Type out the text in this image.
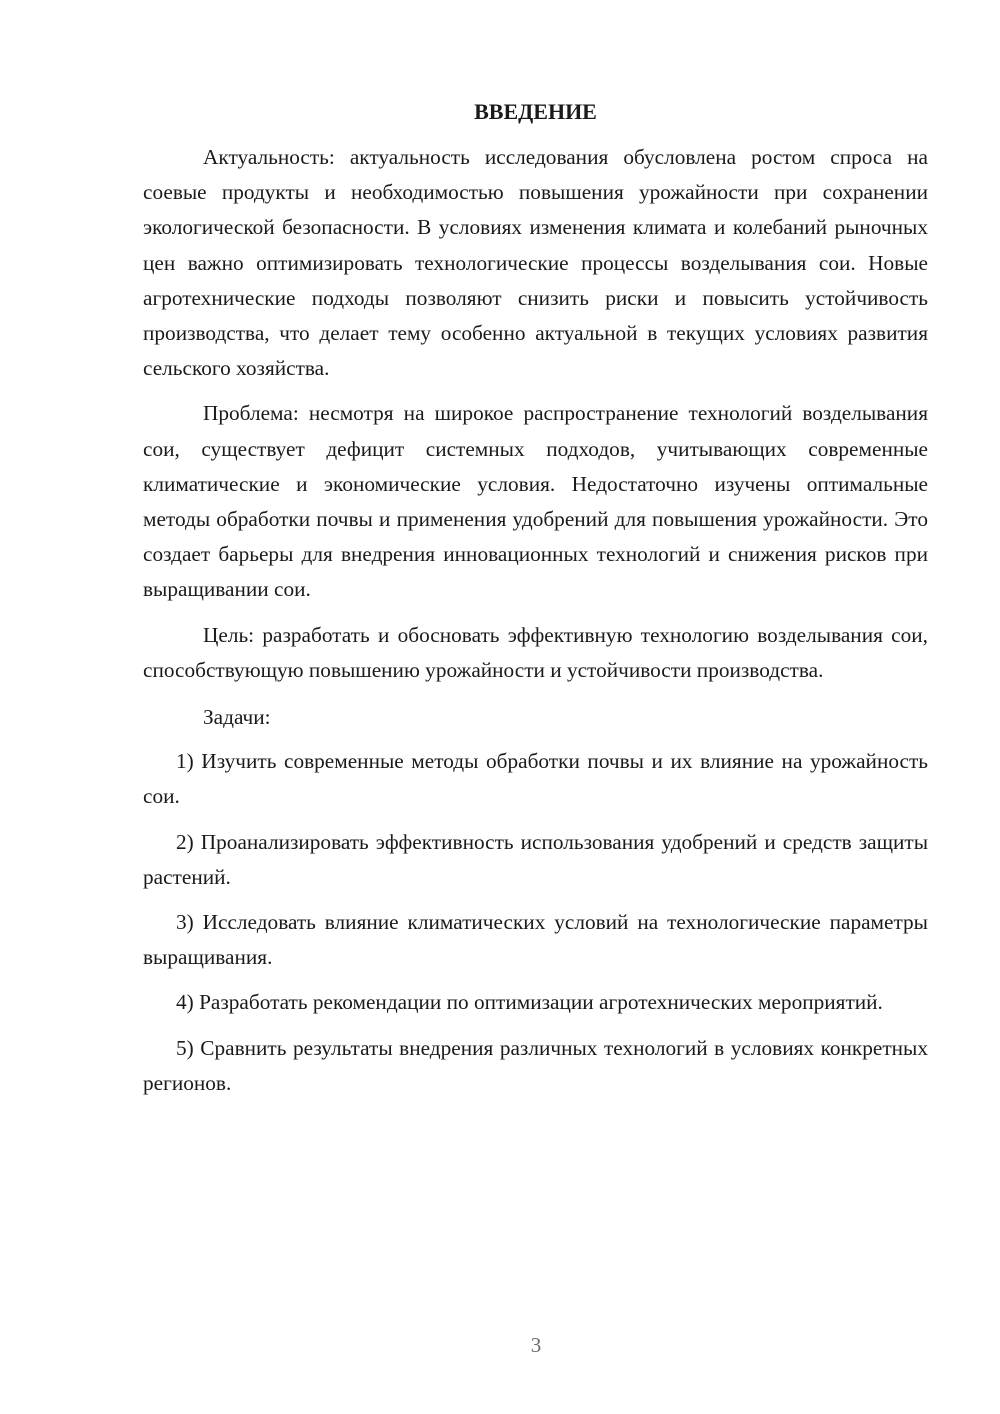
ВВЕДЕНИЕ

Актуальность: актуальность исследования обусловлена ростом спроса на соевые продукты и необходимостью повышения урожайности при сохранении экологической безопасности. В условиях изменения климата и колебаний рыночных цен важно оптимизировать технологические процессы возделывания сои. Новые агротехнические подходы позволяют снизить риски и повысить устойчивость производства, что делает тему особенно актуальной в текущих условиях развития сельского хозяйства.

Проблема: несмотря на широкое распространение технологий возделывания сои, существует дефицит системных подходов, учитывающих современные климатические и экономические условия. Недостаточно изучены оптимальные методы обработки почвы и применения удобрений для повышения урожайности. Это создает барьеры для внедрения инновационных технологий и снижения рисков при выращивании сои.

Цель: разработать и обосновать эффективную технологию возделывания сои, способствующую повышению урожайности и устойчивости производства.

Задачи:

1) Изучить современные методы обработки почвы и их влияние на урожайность сои.

2) Проанализировать эффективность использования удобрений и средств защиты растений.

3) Исследовать влияние климатических условий на технологические параметры выращивания.

4) Разработать рекомендации по оптимизации агротехнических мероприятий.

5) Сравнить результаты внедрения различных технологий в условиях конкретных регионов.

3
